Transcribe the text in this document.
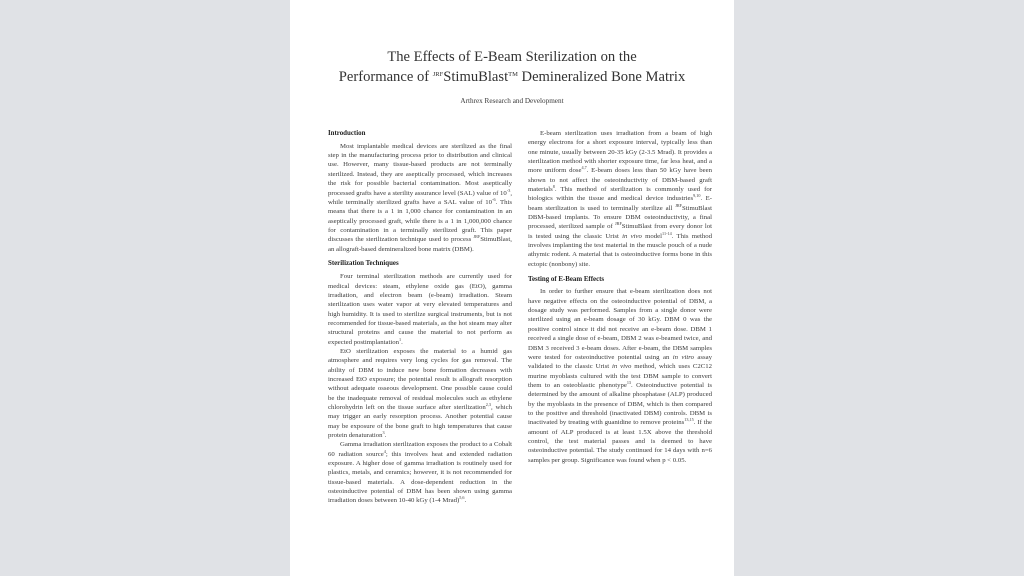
The Effects of E-Beam Sterilization on the
Performance of $^{JRF}$StimuBlast™ Demineralized Bone Matrix
Arthrex Research and Development
Introduction

Most implantable medical devices are sterilized as the final step in the manufacturing process prior to distribution and clinical use. However, many tissue-based products are not terminally sterilized. Instead, they are aseptically processed, which increases the risk for possible bacterial contamination. Most aseptically processed grafts have a sterility assurance level (SAL) value of $10^{-3}$, while terminally sterilized grafts have a SAL value of $10^{-6}$. This means that there is a 1 in 1,000 chance for contamination in an aseptically processed graft, while there is a 1 in 1,000,000 chance for contamination in a terminally sterilized graft. This paper discusses the sterilization technique used to process $^{JRF}$StimuBlast, an allograft-based demineralized bone matrix (DBM).

Sterilization Techniques

Four terminal sterilization methods are currently used for medical devices: steam, ethylene oxide gas (EtO), gamma irradiation, and electron beam (e-beam) irradiation. Steam sterilization uses water vapor at very elevated temperatures and high humidity. It is used to sterilize surgical instruments, but is not recommended for tissue-based materials, as the hot steam may alter structural proteins and cause the material to not perform as expected postimplantation$^1$.

EtO sterilization exposes the material to a humid gas atmosphere and requires very long cycles for gas removal. The ability of DBM to induce new bone formation decreases with increased EtO exposure; the potential result is allograft resorption without adequate osseous development. One possible cause could be the inadequate removal of residual molecules such as ethylene chlorohydrin left on the tissue surface after sterilization$^{2,3}$, which may trigger an early resorption process. Another potential cause may be exposure of the bone graft to high temperatures that cause protein denaturation$^3$.

Gamma irradiation sterilization exposes the product to a Cobalt 60 radiation source$^4$; this involves heat and extended radiation exposure. A higher dose of gamma irradiation is routinely used for plastics, metals, and ceramics; however, it is not recommended for tissue-based materials. A dose-dependent reduction in the osteoinductive potential of DBM has been shown using gamma irradiation doses between 10-40 kGy (1-4 Mrad)$^{5,6}$.

E-beam sterilization uses irradiation from a beam of high energy electrons for a short exposure interval, typically less than one minute, usually between 20-35 kGy (2-3.5 Mrad). It provides a sterilization method with shorter exposure time, far less heat, and a more uniform dose$^{4,7}$. E-beam doses less than 50 kGy have been shown to not affect the osteoinductivity of DBM-based graft materials$^8$. This method of sterilization is commonly used for biologics within the tissue and medical device industries$^{9,10}$. E-beam sterilization is used to terminally sterilize all $^{JRF}$StimuBlast DBM-based implants. To ensure DBM osteoinductivity, a final processed, sterilized sample of $^{JRF}$StimuBlast from every donor lot is tested using the classic Urist in vivo model$^{11-14}$. This method involves implanting the test material in the muscle pouch of a nude athymic rodent. A material that is osteoinductive forms bone in this ectopic (nonbony) site.

Testing of E-Beam Effects

In order to further ensure that e-beam sterilization does not have negative effects on the osteoinductive potential of DBM, a dosage study was performed. Samples from a single donor were sterilized using an e-beam dosage of 30 kGy. DBM 0 was the positive control since it did not receive an e-beam dose. DBM 1 received a single dose of e-beam, DBM 2 was e-beamed twice, and DBM 3 received 3 e-beam doses. After e-beam, the DBM samples were tested for osteoinductive potential using an in vitro assay validated to the classic Urist in vivo method, which uses C2C12 murine myoblasts cultured with the test DBM sample to convert them to an osteoblastic phenotype$^{13}$. Osteoinductive potential is determined by the amount of alkaline phosphatase (ALP) produced by the myoblasts in the presence of DBM, which is then compared to the positive and threshold (inactivated DBM) controls. DBM is inactivated by treating with guanidine to remove proteins$^{13,15}$. If the amount of ALP produced is at least 1.5X above the threshold control, the test material passes and is deemed to have osteoinductive potential. The study continued for 14 days with n=6 samples per group. Significance was found when p < 0.05.
